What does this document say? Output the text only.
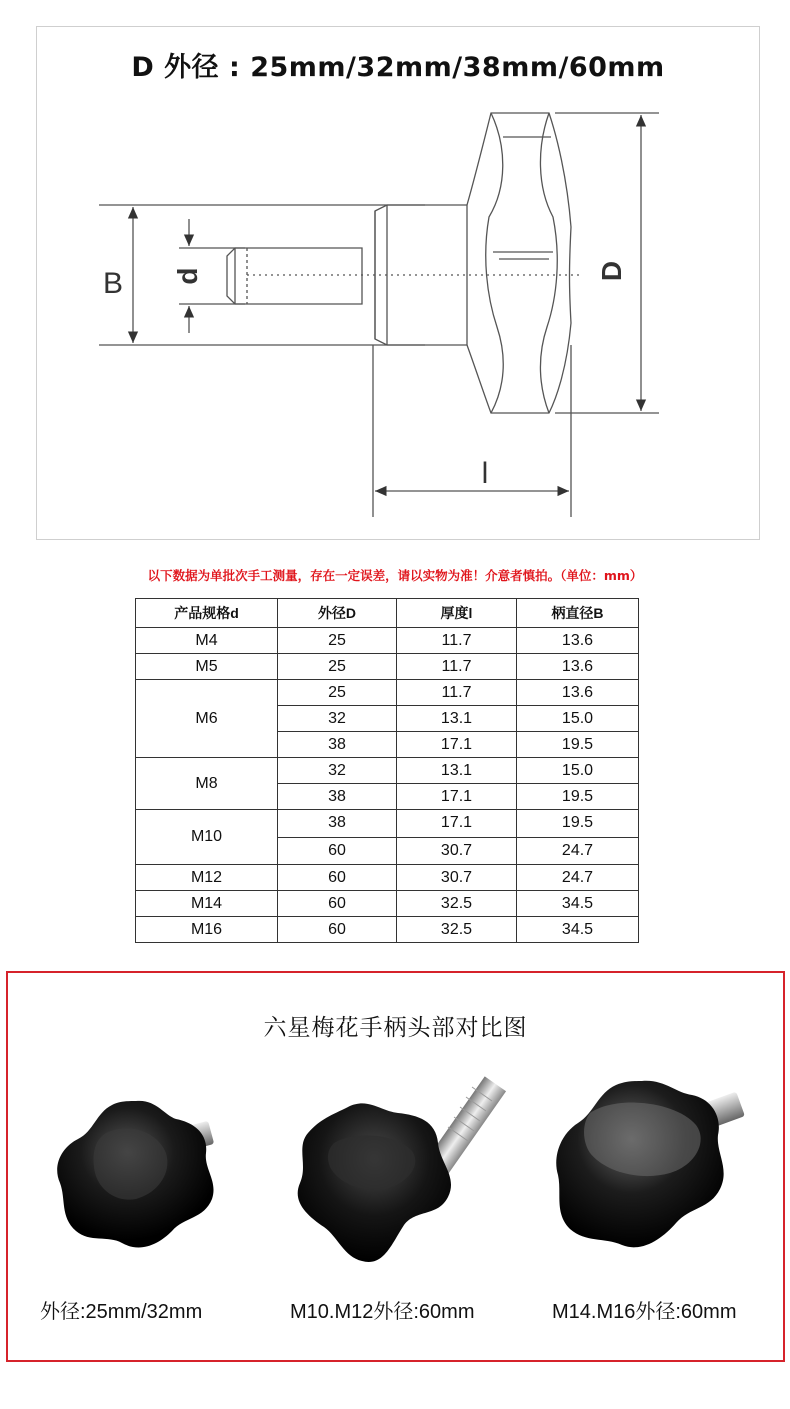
B d	D
l
D 外径 : 25mm/32mm/38mm/60mm
以下数据为单批次手工测量，存在一定误差，请以实物为准！介意者慎拍。（单位：mm）
产品规格d	外径D	厚度l	柄直径B
M4	25	11.7	13.6
M5	25	11.7	13.6
M6	25	11.7	13.6
	32	13.1	15.0
	38	17.1	19.5
M8	32	13.1	15.0
	38	17.1	19.5
M10	38	17.1	19.5
	60	30.7	24.7
M12	60	30.7	24.7
M14	60	32.5	34.5
M16	60	32.5	34.5
六星梅花手柄头部对比图
外径:25mm/32mm	M10.M12外径:60mm	M14.M16外径:60mm
